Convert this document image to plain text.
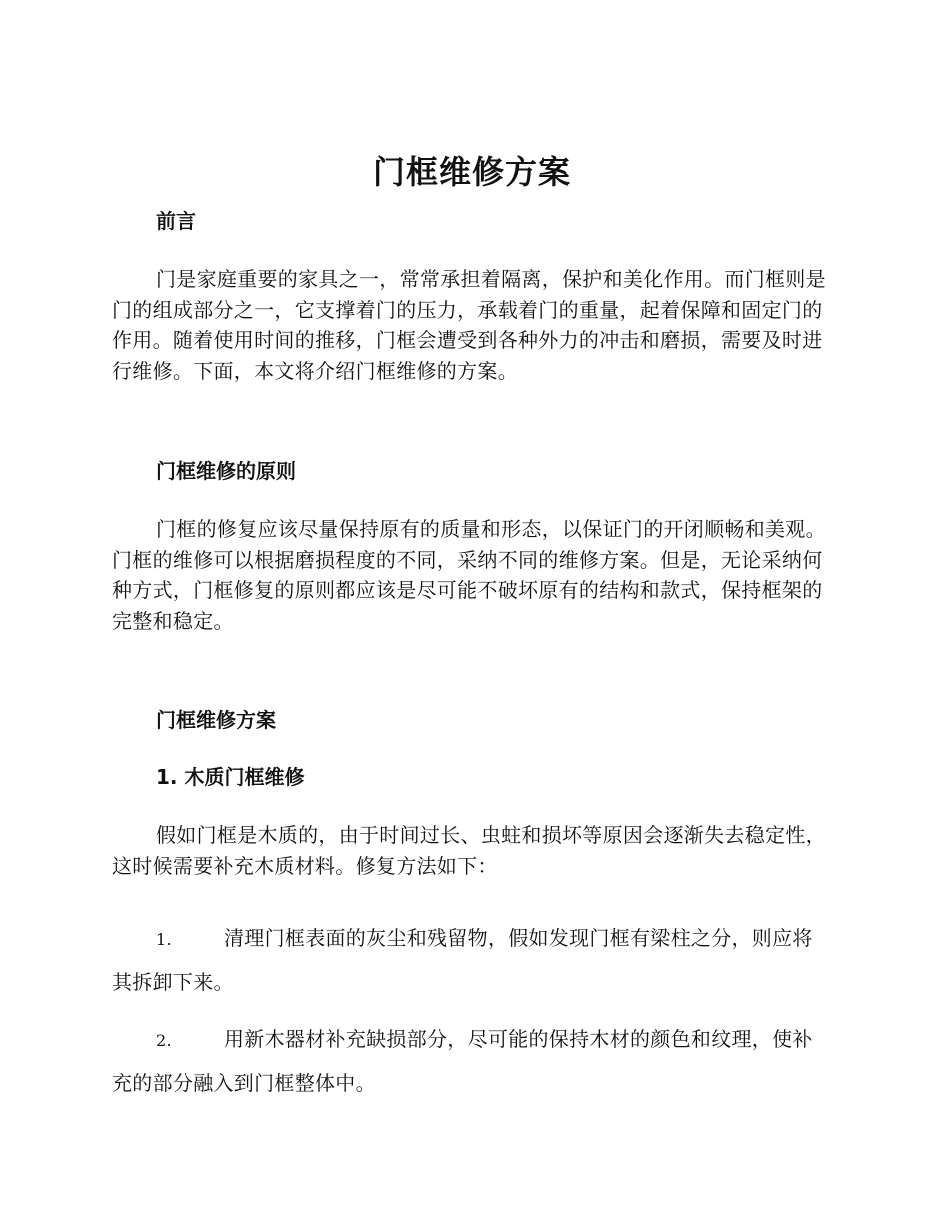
门框维修方案
前言
门是家庭重要的家具之一，常常承担着隔离，保护和美化作用。而门框则是门的组成部分之一，它支撑着门的压力，承载着门的重量，起着保障和固定门的作用。随着使用时间的推移，门框会遭受到各种外力的冲击和磨损，需要及时进行维修。下面，本文将介绍门框维修的方案。
门框维修的原则
门框的修复应该尽量保持原有的质量和形态，以保证门的开闭顺畅和美观。门框的维修可以根据磨损程度的不同，采纳不同的维修方案。但是，无论采纳何种方式，门框修复的原则都应该是尽可能不破坏原有的结构和款式，保持框架的完整和稳定。
门框维修方案
1. 木质门框维修
假如门框是木质的，由于时间过长、虫蛀和损坏等原因会逐渐失去稳定性，这时候需要补充木质材料。修复方法如下：
1.	清理门框表面的灰尘和残留物，假如发现门框有梁柱之分，则应将其拆卸下来。
2.	用新木器材补充缺损部分，尽可能的保持木材的颜色和纹理，使补充的部分融入到门框整体中。
